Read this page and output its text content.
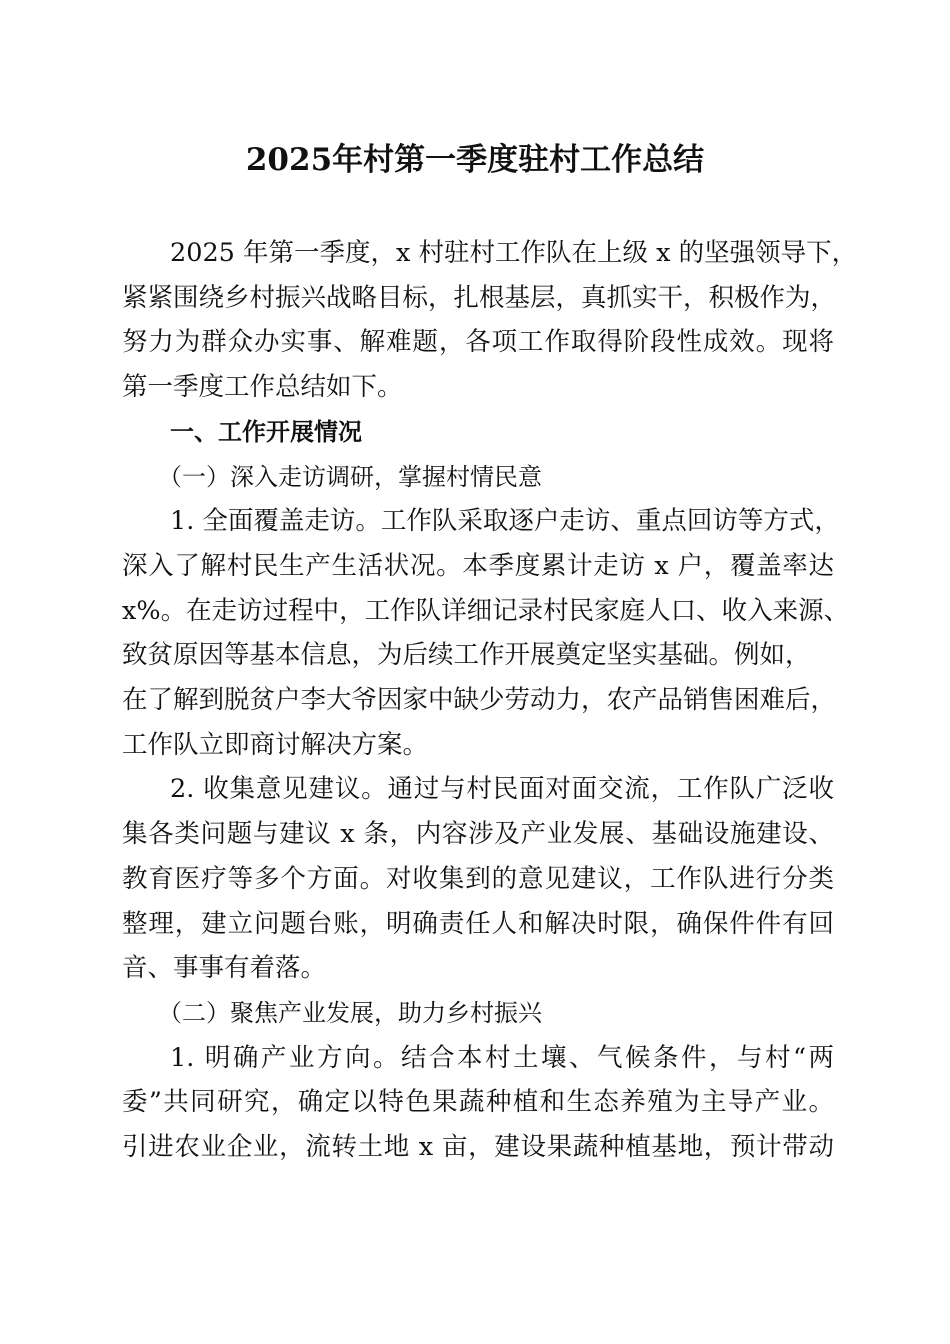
2025年村第一季度驻村工作总结
2025 年第一季度，x 村驻村工作队在上级 x 的坚强领导下，
紧紧围绕乡村振兴战略目标，扎根基层，真抓实干，积极作为，
努力为群众办实事、解难题，各项工作取得阶段性成效。现将
第一季度工作总结如下。
一、工作开展情况
（一）深入走访调研，掌握村情民意
1. 全面覆盖走访。工作队采取逐户走访、重点回访等方式，
深入了解村民生产生活状况。本季度累计走访 x 户，覆盖率达
x%。在走访过程中，工作队详细记录村民家庭人口、收入来源、
致贫原因等基本信息，为后续工作开展奠定坚实基础。例如，
在了解到脱贫户李大爷因家中缺少劳动力，农产品销售困难后，
工作队立即商讨解决方案。
2. 收集意见建议。通过与村民面对面交流，工作队广泛收
集各类问题与建议 x 条，内容涉及产业发展、基础设施建设、
教育医疗等多个方面。对收集到的意见建议，工作队进行分类
整理，建立问题台账，明确责任人和解决时限，确保件件有回
音、事事有着落。
（二）聚焦产业发展，助力乡村振兴
1. 明确产业方向。结合本村土壤、气候条件，与村“两
委”共同研究，确定以特色果蔬种植和生态养殖为主导产业。
引进农业企业，流转土地 x 亩，建设果蔬种植基地，预计带动
